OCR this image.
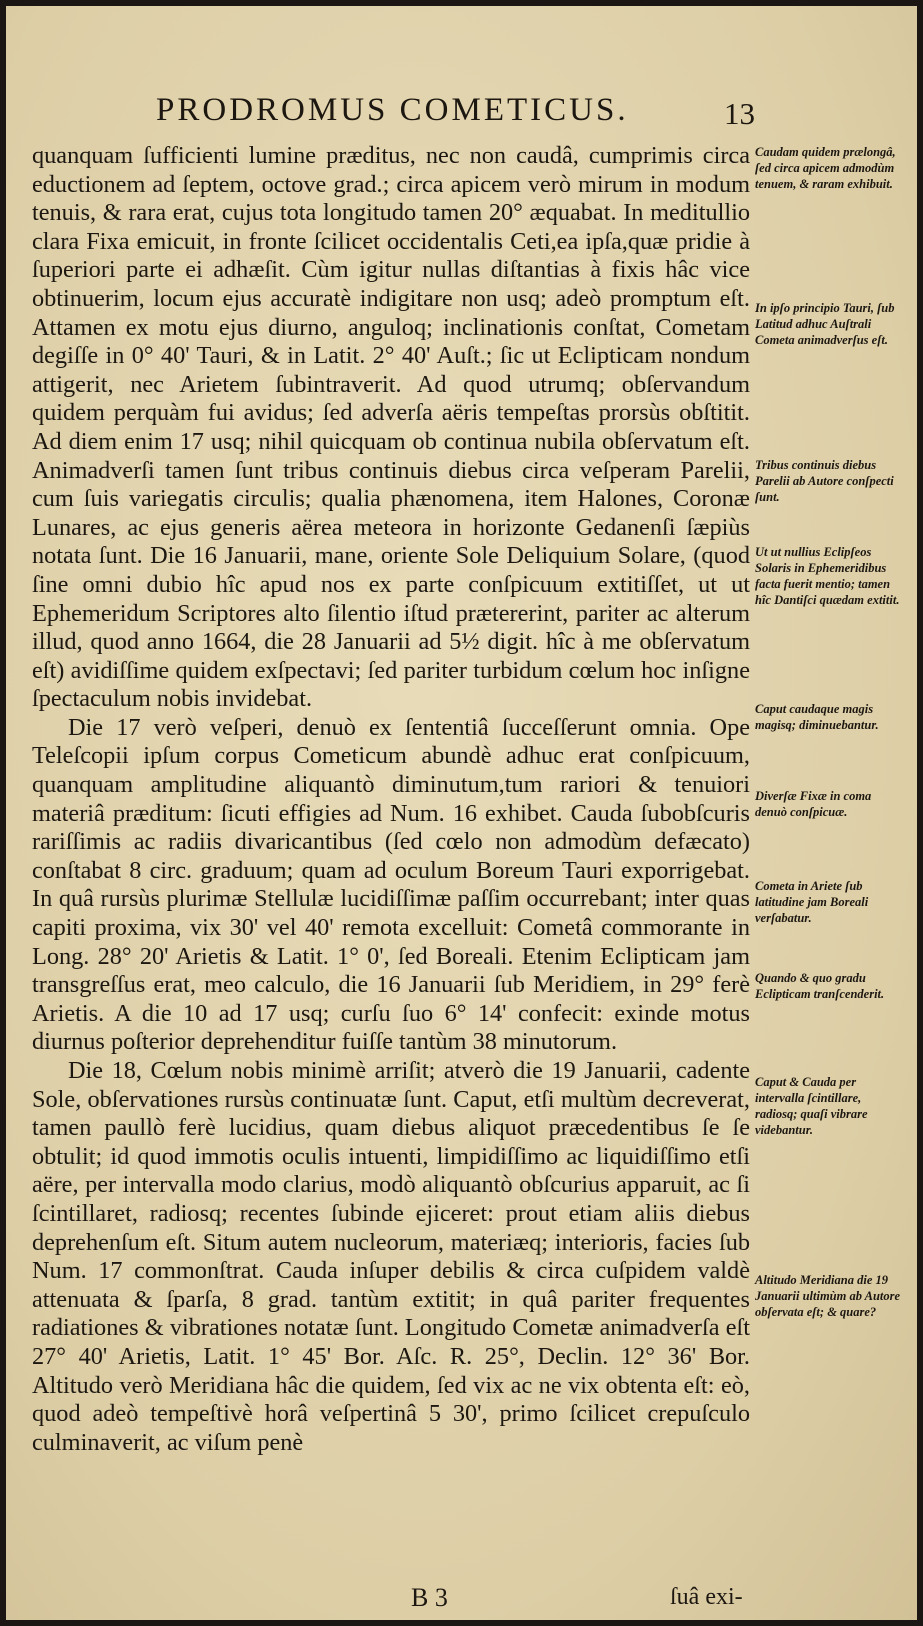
PRODROMUS COMETICUS.	13

quanquam ſufficienti lumine præditus, nec non caudâ, cumprimis circa eductionem ad ſeptem, octove grad.; circa apicem verò mirum in modum tenuis, & rara erat, cujus tota longitudo tamen 20° æquabat. In meditullio clara Fixa emicuit, in fronte ſcilicet occidentalis Ceti,ea ipſa,quæ pridie à ſuperiori parte ei adhæſit. Cùm igitur nullas diſtantias à fixis hâc vice obtinuerim, locum ejus accuratè indigitare non usq; adeò promptum eſt. Attamen ex motu ejus diurno, anguloq; inclinationis conſtat, Cometam degiſſe in 0° 40' Tauri, & in Latit. 2° 40' Auſt.; ſic ut Eclipticam nondum attigerit, nec Arietem ſubintraverit. Ad quod utrumq; obſervandum quidem perquàm fui avidus; ſed adverſa aëris tempeſtas prorsùs obſtitit. Ad diem enim 17 usq; nihil quicquam ob continua nubila obſervatum eſt. Animadverſi tamen ſunt tribus continuis diebus circa veſperam Parelii, cum ſuis variegatis circulis; qualia phænomena, item Halones, Coronæ Lunares, ac ejus generis aërea meteora in horizonte Gedanenſi ſæpiùs notata ſunt. Die 16 Januarii, mane, oriente Sole Deliquium Solare, (quod ſine omni dubio hîc apud nos ex parte conſpicuum extitiſſet, ut ut Ephemeridum Scriptores alto ſilentio iſtud prætererint, pariter ac alterum illud, quod anno 1664, die 28 Januarii ad 5½ digit. hîc à me obſervatum eſt) avidiſſime quidem exſpectavi; ſed pariter turbidum cœlum hoc inſigne ſpectaculum nobis invidebat.

Die 17 verò veſperi, denuò ex ſententiâ ſucceſſerunt omnia. Ope Teleſcopii ipſum corpus Cometicum abundè adhuc erat conſpicuum, quanquam amplitudine aliquantò diminutum,tum rariori & tenuiori materiâ præditum: ſicuti effigies ad Num. 16 exhibet. Cauda ſubobſcuris rariſſimis ac radiis divaricantibus (ſed cœlo non admodùm defæcato) conſtabat 8 circ. graduum; quam ad oculum Boreum Tauri exporrigebat. In quâ rursùs plurimæ Stellulæ lucidiſſimæ paſſim occurrebant; inter quas capiti proxima, vix 30' vel 40' remota excelluit: Cometâ commorante in Long. 28° 20' Arietis & Latit. 1° 0', ſed Boreali. Etenim Eclipticam jam transgreſſus erat, meo calculo, die 16 Januarii ſub Meridiem, in 29° ferè Arietis. A die 10 ad 17 usq; curſu ſuo 6° 14' confecit: exinde motus diurnus poſterior deprehenditur fuiſſe tantùm 38 minutorum.

Die 18, Cœlum nobis minimè arriſit; atverò die 19 Januarii, cadente Sole, obſervationes rursùs continuatæ ſunt. Caput, etſi multùm decreverat, tamen paullò ferè lucidius, quam diebus aliquot præcedentibus ſe ſe obtulit; id quod immotis oculis intuenti, limpidiſſimo ac liquidiſſimo etſi aëre, per intervalla modo clarius, modò aliquantò obſcurius apparuit, ac ſi ſcintillaret, radiosq; recentes ſubinde ejiceret: prout etiam aliis diebus deprehenſum eſt. Situm autem nucleorum, materiæq; interioris, facies ſub Num. 17 commonſtrat. Cauda inſuper debilis & circa cuſpidem valdè attenuata & ſparſa, 8 grad. tantùm extitit; in quâ pariter frequentes radiationes & vibrationes notatæ ſunt. Longitudo Cometæ animadverſa eſt 27° 40' Arietis, Latit. 1° 45' Bor. Aſc. R. 25°, Declin. 12° 36' Bor. Altitudo verò Meridiana hâc die quidem, ſed vix ac ne vix obtenta eſt: eò, quod adeò tempeſtivè horâ veſpertinâ 5 30', primo ſcilicet crepuſculo culminaverit, ac viſum penè

Caudam quidem prælongâ, ſed circa apicem admodùm tenuem, & raram exhibuit.
In ipſo principio Tauri, ſub Latitud adhuc Auſtrali Cometa animadverſus eſt.
Tribus continuis diebus Parelii ab Autore conſpecti ſunt.
Ut ut nullius Eclipſeos Solaris in Ephemeridibus facta fuerit mentio; tamen hîc Dantiſci quædam extitit.
Caput caudaque magis magisq; diminuebantur.
Diverſæ Fixæ in coma denuò conſpicuæ.
Cometa in Ariete ſub latitudine jam Boreali verſabatur.
Quando & quo gradu Eclipticam tranſcenderit.
Caput & Cauda per intervalla ſcintillare, radiosq; quaſi vibrare videbantur.
Altitudo Meridiana die 19 Januarii ultimùm ab Autore obſervata eſt; & quare?
B 3	ſuâ exi-
